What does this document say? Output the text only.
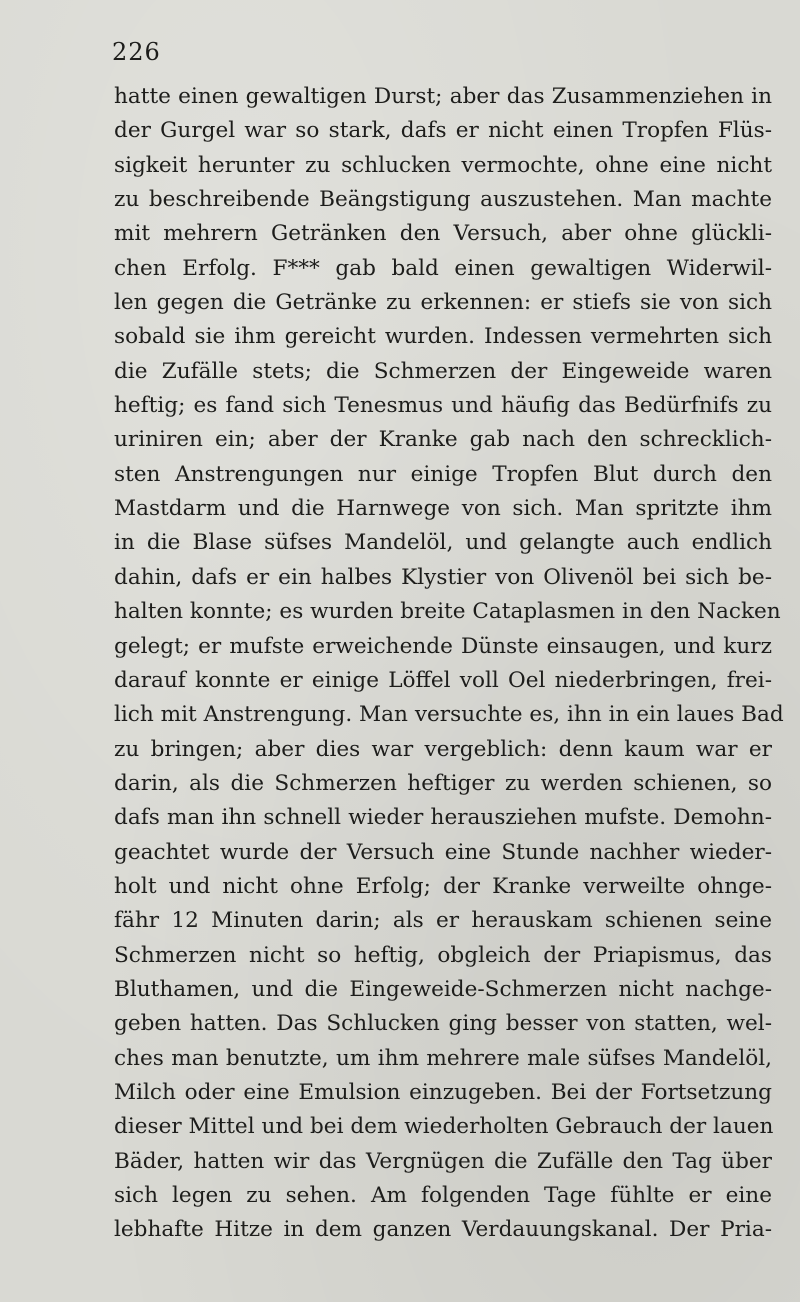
226
hatte einen gewaltigen Durst; aber das Zusammenziehen in
der Gurgel war so stark, dafs er nicht einen Tropfen Flüs-
sigkeit herunter zu schlucken vermochte, ohne eine nicht
zu beschreibende Beängstigung auszustehen. Man machte
mit mehrern Getränken den Versuch, aber ohne glückli-
chen Erfolg. F*** gab bald einen gewaltigen Widerwil-
len gegen die Getränke zu erkennen: er stiefs sie von sich
sobald sie ihm gereicht wurden. Indessen vermehrten sich
die Zufälle stets; die Schmerzen der Eingeweide waren
heftig; es fand sich Tenesmus und häufig das Bedürfnifs zu
uriniren ein; aber der Kranke gab nach den schrecklich-
sten Anstrengungen nur einige Tropfen Blut durch den
Mastdarm und die Harnwege von sich. Man spritzte ihm
in die Blase süfses Mandelöl, und gelangte auch endlich
dahin, dafs er ein halbes Klystier von Olivenöl bei sich be-
halten konnte; es wurden breite Cataplasmen in den Nacken
gelegt; er mufste erweichende Dünste einsaugen, und kurz
darauf konnte er einige Löffel voll Oel niederbringen, frei-
lich mit Anstrengung. Man versuchte es, ihn in ein laues Bad
zu bringen; aber dies war vergeblich: denn kaum war er
darin, als die Schmerzen heftiger zu werden schienen, so
dafs man ihn schnell wieder herausziehen mufste. Demohn-
geachtet wurde der Versuch eine Stunde nachher wieder-
holt und nicht ohne Erfolg; der Kranke verweilte ohnge-
fähr 12 Minuten darin; als er herauskam schienen seine
Schmerzen nicht so heftig, obgleich der Priapismus, das
Bluthamen, und die Eingeweide-Schmerzen nicht nachge-
geben hatten. Das Schlucken ging besser von statten, wel-
ches man benutzte, um ihm mehrere male süfses Mandelöl,
Milch oder eine Emulsion einzugeben. Bei der Fortsetzung
dieser Mittel und bei dem wiederholten Gebrauch der lauen
Bäder, hatten wir das Vergnügen die Zufälle den Tag über
sich legen zu sehen. Am folgenden Tage fühlte er eine
lebhafte Hitze in dem ganzen Verdauungskanal. Der Pria-
